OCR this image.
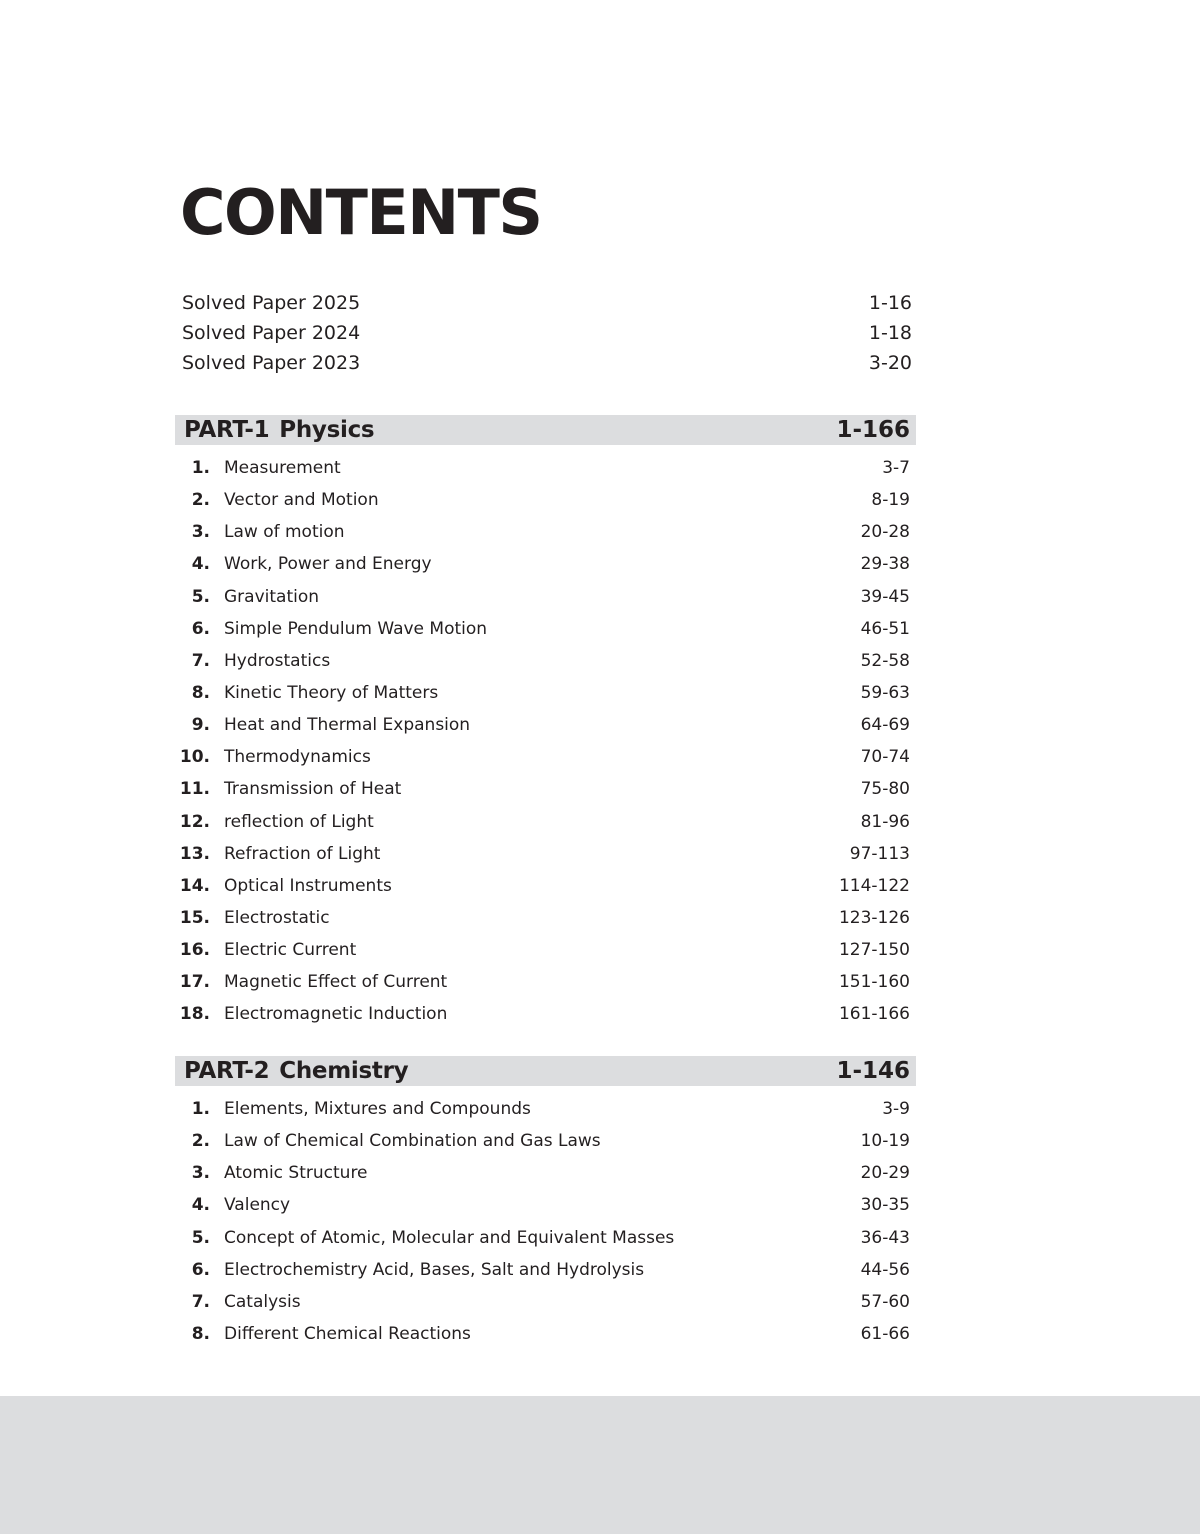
CONTENTS
Solved Paper 2025	1-16
Solved Paper 2024	1-18
Solved Paper 2023	3-20
PART-1 Physics	1-166
1. Measurement	3-7
2. Vector and Motion	8-19
3. Law of motion	20-28
4. Work, Power and Energy	29-38
5. Gravitation	39-45
6. Simple Pendulum Wave Motion	46-51
7. Hydrostatics	52-58
8. Kinetic Theory of Matters	59-63
9. Heat and Thermal Expansion	64-69
10. Thermodynamics	70-74
11. Transmission of Heat	75-80
12. reflection of Light	81-96
13. Refraction of Light	97-113
14. Optical Instruments	114-122
15. Electrostatic	123-126
16. Electric Current	127-150
17. Magnetic Effect of Current	151-160
18. Electromagnetic Induction	161-166
PART-2 Chemistry	1-146
1. Elements, Mixtures and Compounds	3-9
2. Law of Chemical Combination and Gas Laws	10-19
3. Atomic Structure	20-29
4. Valency	30-35
5. Concept of Atomic, Molecular and Equivalent Masses	36-43
6. Electrochemistry Acid, Bases, Salt and Hydrolysis	44-56
7. Catalysis	57-60
8. Different Chemical Reactions	61-66
